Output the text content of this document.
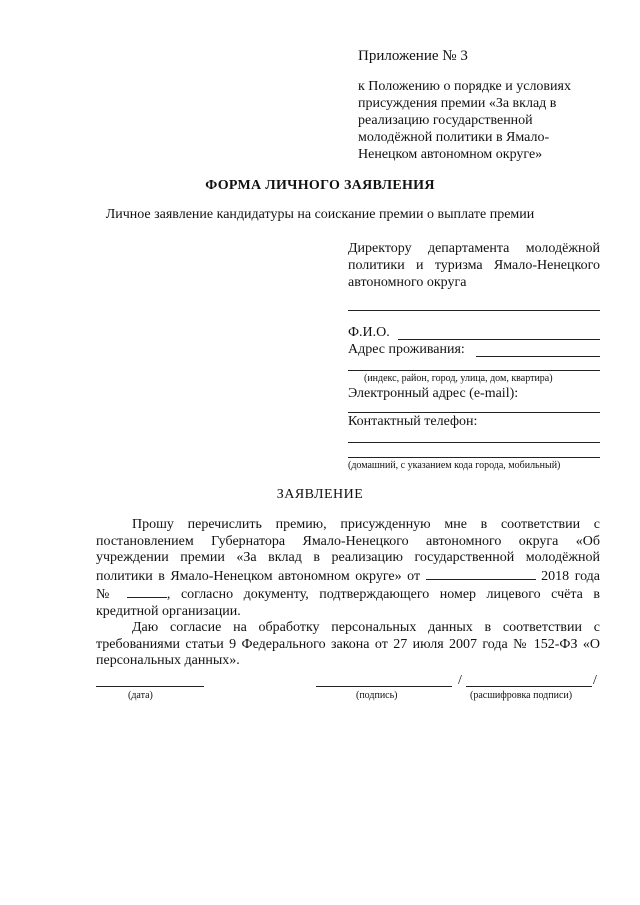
Приложение № 3
к Положению о порядке и условиях присуждения премии «За вклад в реализацию государственной молодёжной политики в Ямало-Ненецком автономном округе»
ФОРМА ЛИЧНОГО ЗАЯВЛЕНИЯ
Личное заявление кандидатуры на соискание премии о выплате премии
Директору департамента молодёжной политики и туризма Ямало-Ненецкого автономного округа
Ф.И.О.
Адрес проживания:
(индекс, район, город, улица, дом, квартира)
Электронный адрес (e-mail):
Контактный телефон:
(домашний, с указанием кода города, мобильный)
ЗАЯВЛЕНИЕ

Прошу перечислить премию, присужденную мне в соответствии с постановлением Губернатора Ямало-Ненецкого автономного округа «Об учреждении премии «За вклад в реализацию государственной молодёжной политики в Ямало-Ненецком автономном округе» от	2018 года №	, согласно документу, подтверждающего номер лицевого счёта в кредитной организации.

Даю согласие на обработку персональных данных в соответствии с требованиями статьи 9 Федерального закона от 27 июля 2007 года № 152-ФЗ «О персональных данных».

(дата)	(подпись)
/	/
(расшифровка подписи)
